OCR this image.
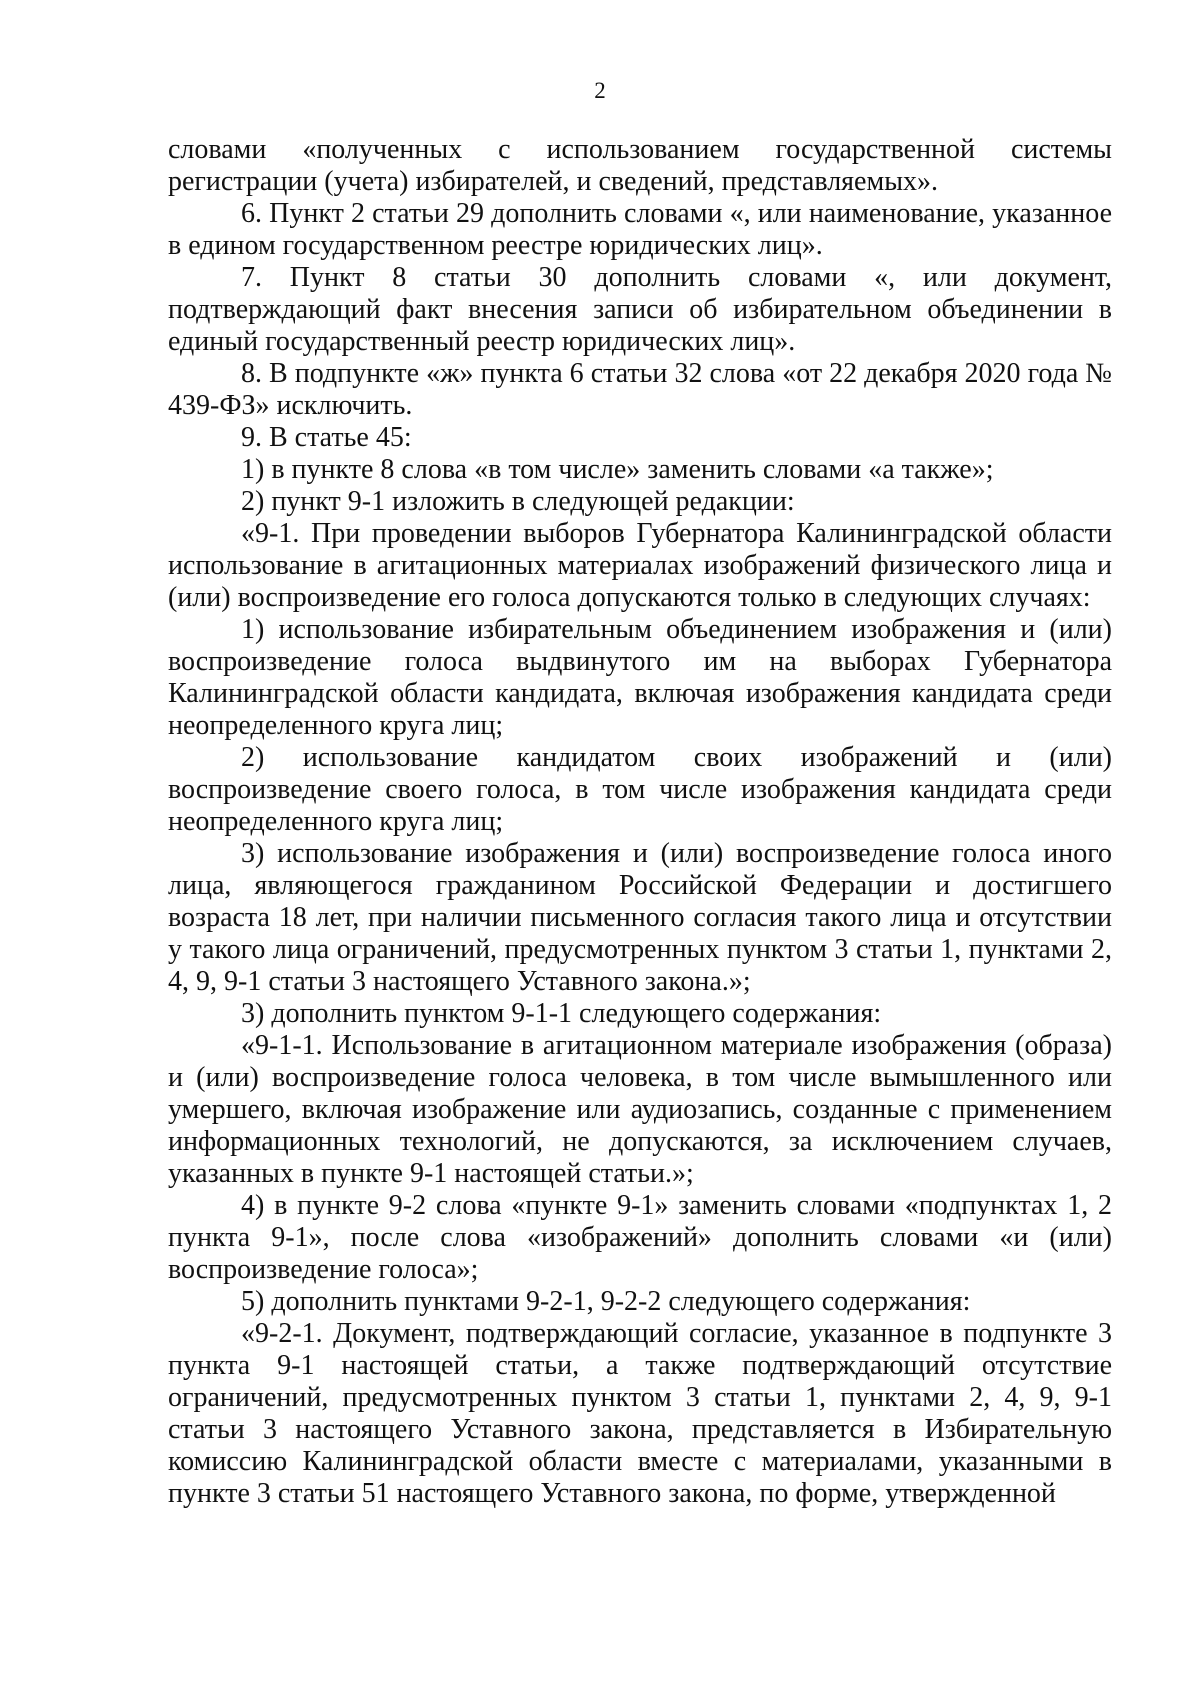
2

словами «полученных с использованием государственной системы регистрации (учета) избирателей, и сведений, представляемых».

6. Пункт 2 статьи 29 дополнить словами «, или наименование, указанное в едином государственном реестре юридических лиц».

7. Пункт 8 статьи 30 дополнить словами «, или документ, подтверждающий факт внесения записи об избирательном объединении в единый государственный реестр юридических лиц».

8. В подпункте «ж» пункта 6 статьи 32 слова «от 22 декабря 2020 года № 439-ФЗ» исключить.

9. В статье 45:

1) в пункте 8 слова «в том числе» заменить словами «а также»;

2) пункт 9-1 изложить в следующей редакции:

«9-1. При проведении выборов Губернатора Калининградской области использование в агитационных материалах изображений физического лица и (или) воспроизведение его голоса допускаются только в следующих случаях:

1) использование избирательным объединением изображения и (или) воспроизведение голоса выдвинутого им на выборах Губернатора Калининградской области кандидата, включая изображения кандидата среди неопределенного круга лиц;

2) использование кандидатом своих изображений и (или) воспроизведение своего голоса, в том числе изображения кандидата среди неопределенного круга лиц;

3) использование изображения и (или) воспроизведение голоса иного лица, являющегося гражданином Российской Федерации и достигшего возраста 18 лет, при наличии письменного согласия такого лица и отсутствии у такого лица ограничений, предусмотренных пунктом 3 статьи 1, пунктами 2, 4, 9, 9-1 статьи 3 настоящего Уставного закона.»;

3) дополнить пунктом 9-1-1 следующего содержания:

«9-1-1. Использование в агитационном материале изображения (образа) и (или) воспроизведение голоса человека, в том числе вымышленного или умершего, включая изображение или аудиозапись, созданные с применением информационных технологий, не допускаются, за исключением случаев, указанных в пункте 9-1 настоящей статьи.»;

4) в пункте 9-2 слова «пункте 9-1» заменить словами «подпунктах 1, 2 пункта 9-1», после слова «изображений» дополнить словами «и (или) воспроизведение голоса»;

5) дополнить пунктами 9-2-1, 9-2-2 следующего содержания:

«9-2-1. Документ, подтверждающий согласие, указанное в подпункте 3 пункта 9-1 настоящей статьи, а также подтверждающий отсутствие ограничений, предусмотренных пунктом 3 статьи 1, пунктами 2, 4, 9, 9-1 статьи 3 настоящего Уставного закона, представляется в Избирательную комиссию Калининградской области вместе с материалами, указанными в пункте 3 статьи 51 настоящего Уставного закона, по форме, утвержденной
